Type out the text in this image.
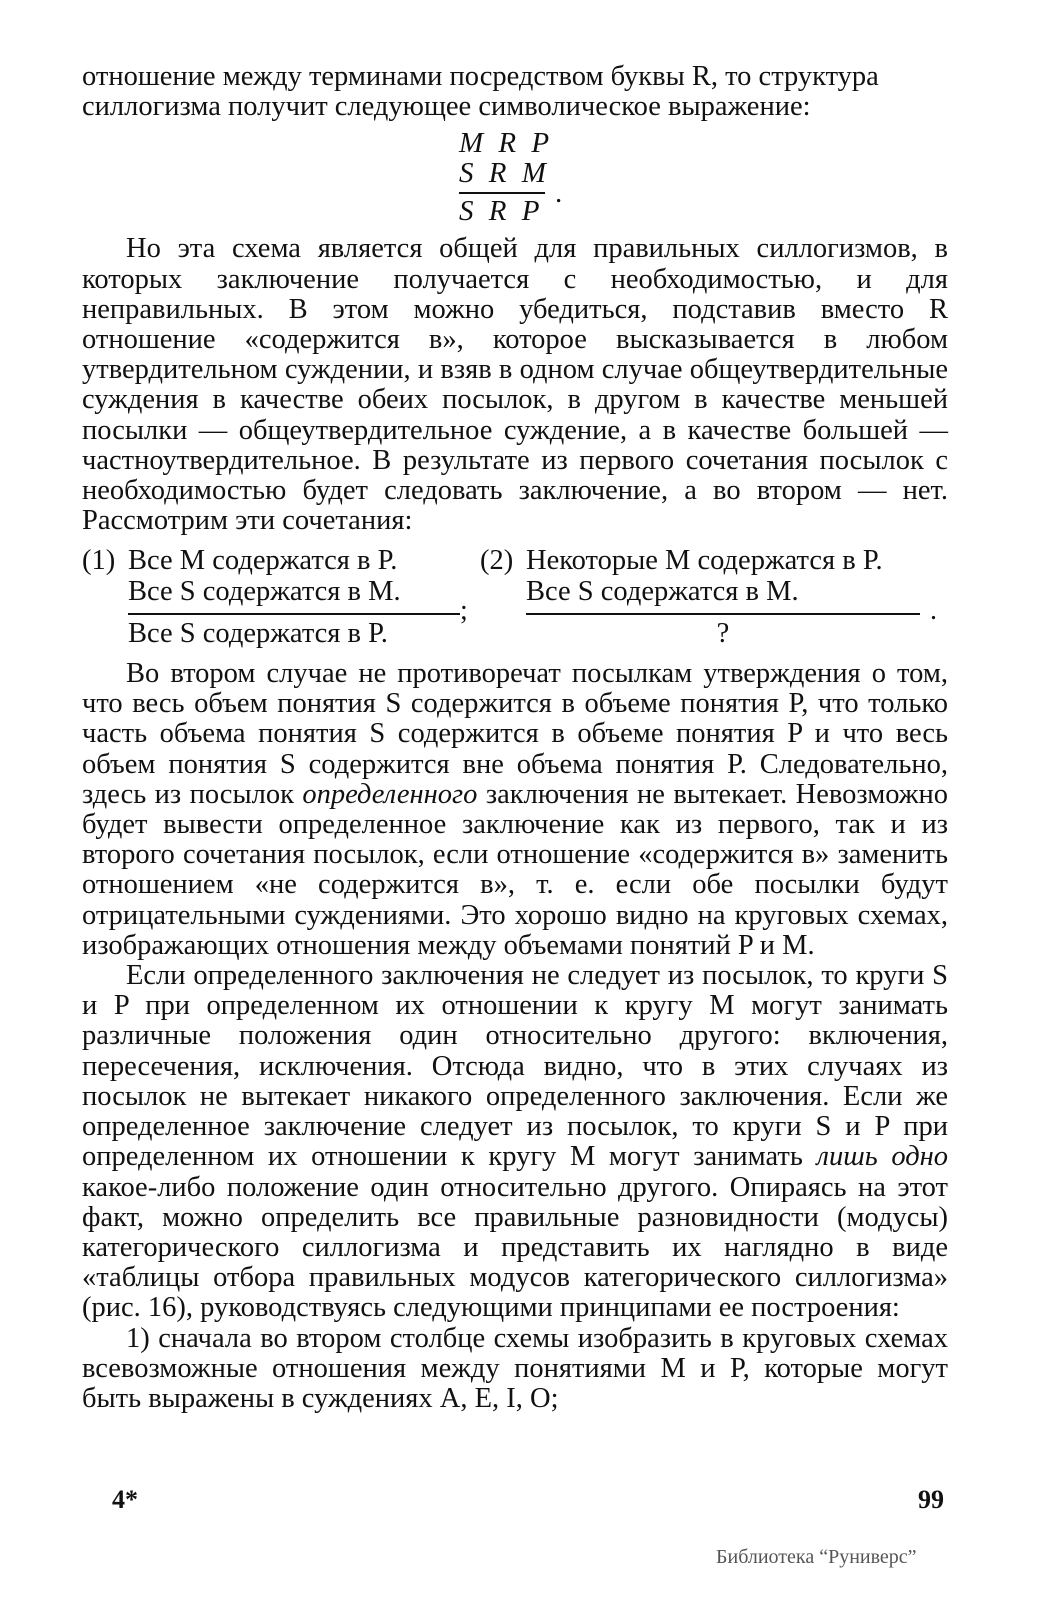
отношение между терминами посредством буквы R, то структура силлогизма получит следующее символическое выражение:

M R P
S R M
S R P
.

Но эта схема является общей для правильных силлогизмов, в которых заключение получается с необходимостью, и для неправильных. В этом можно убедиться, подставив вместо R отношение «содержится в», которое высказывается в любом утвердительном суждении, и взяв в одном случае общеутвердительные суждения в качестве обеих посылок, в другом в качестве меньшей посылки — общеутвердительное суждение, а в качестве большей — частноутвердительное. В результате из первого сочетания посылок с необходимостью будет следовать заключение, а во втором — нет. Рассмотрим эти сочетания:

(1) Все M содержатся в P.
Все S содержатся в M.
Все S содержатся в P.
;
(2) Некоторые M содержатся в P.
Все S содержатся в M.
?
.

Во втором случае не противоречат посылкам утверждения о том, что весь объем понятия S содержится в объеме понятия P, что только часть объема понятия S содержится в объеме понятия P и что весь объем понятия S содержится вне объема понятия P. Следовательно, здесь из посылок определенного заключения не вытекает. Невозможно будет вывести определенное заключение как из первого, так и из второго сочетания посылок, если отношение «содержится в» заменить отношением «не содержится в», т. е. если обе посылки будут отрицательными суждениями. Это хорошо видно на круговых схемах, изображающих отношения между объемами понятий P и M.

Если определенного заключения не следует из посылок, то круги S и P при определенном их отношении к кругу M могут занимать различные положения один относительно другого: включения, пересечения, исключения. Отсюда видно, что в этих случаях из посылок не вытекает никакого определенного заключения. Если же определенное заключение следует из посылок, то круги S и P при определенном их отношении к кругу M могут занимать лишь одно какое-либо положение один относительно другого. Опираясь на этот факт, можно определить все правильные разновидности (модусы) категорического силлогизма и представить их наглядно в виде «таблицы отбора правильных модусов категорического силлогизма» (рис. 16), руководствуясь следующими принципами ее построения:

1) сначала во втором столбце схемы изобразить в круговых схемах всевозможные отношения между понятиями M и P, которые могут быть выражены в суждениях A, E, I, O;

4*	99
Библиотека “Руниверс”
